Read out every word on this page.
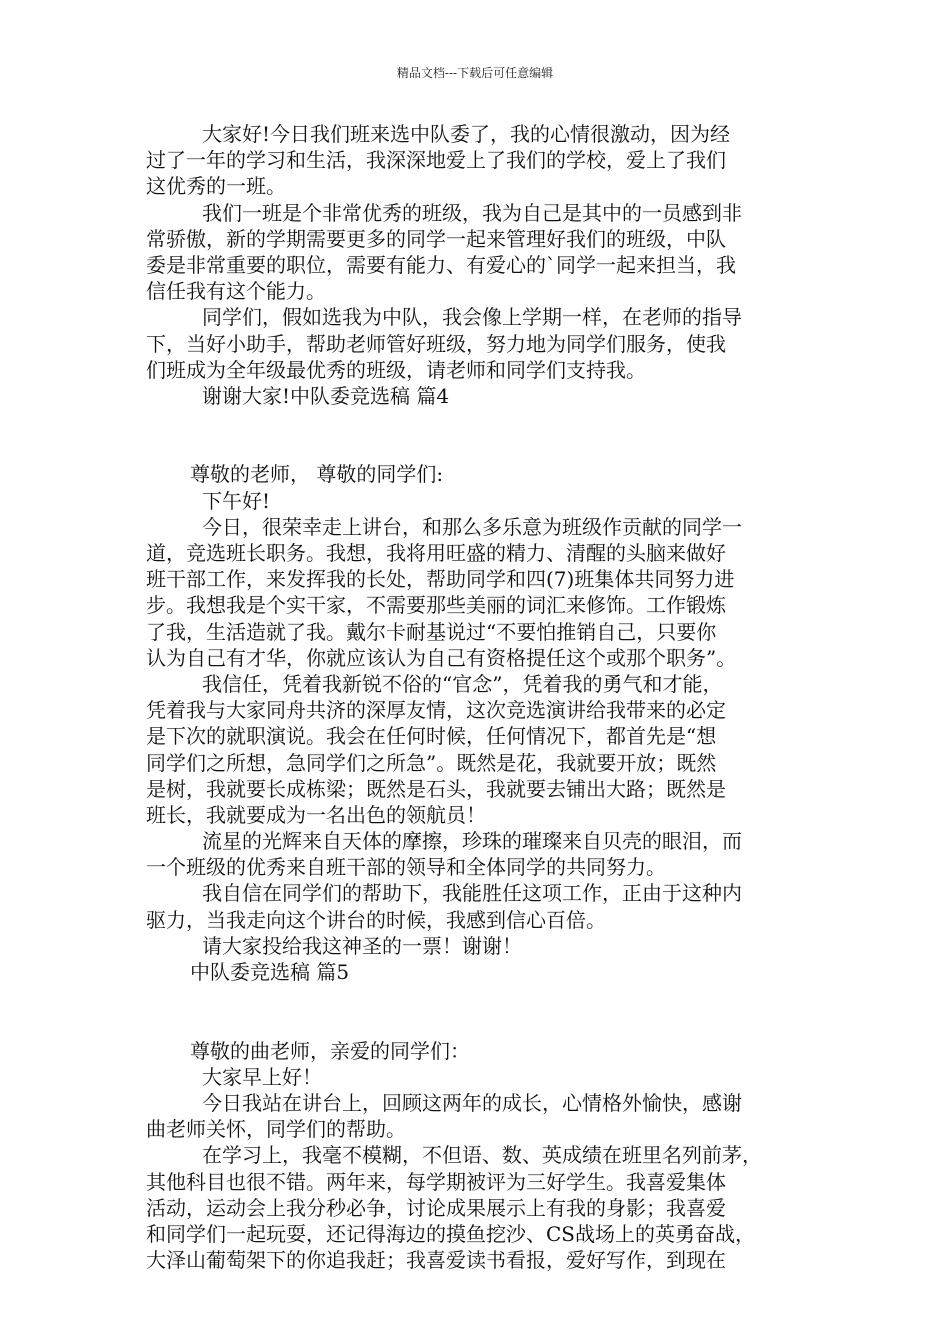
精品文档---下载后可任意编辑
大家好!今日我们班来选中队委了，我的心情很激动，因为经
过了一年的学习和生活，我深深地爱上了我们的学校，爱上了我们
这优秀的一班。
我们一班是个非常优秀的班级，我为自己是其中的一员感到非
常骄傲，新的学期需要更多的同学一起来管理好我们的班级，中队
委是非常重要的职位，需要有能力、有爱心的`同学一起来担当，我
信任我有这个能力。
同学们，假如选我为中队，我会像上学期一样，在老师的指导
下，当好小助手，帮助老师管好班级，努力地为同学们服务，使我
们班成为全年级最优秀的班级，请老师和同学们支持我。
谢谢大家!中队委竞选稿 篇4
尊敬的老师， 尊敬的同学们:
下午好!
今日，很荣幸走上讲台，和那么多乐意为班级作贡献的同学一
道，竞选班长职务。我想，我将用旺盛的精力、清醒的头脑来做好
班干部工作，来发挥我的长处，帮助同学和四(7)班集体共同努力进
步。我想我是个实干家，不需要那些美丽的词汇来修饰。工作锻炼
了我，生活造就了我。戴尔卡耐基说过“不要怕推销自己，只要你
认为自己有才华，你就应该认为自己有资格提任这个或那个职务”。
我信任，凭着我新锐不俗的“官念”，凭着我的勇气和才能，
凭着我与大家同舟共济的深厚友情，这次竞选演讲给我带来的必定
是下次的就职演说。我会在任何时候，任何情况下，都首先是“想
同学们之所想，急同学们之所急”。既然是花，我就要开放；既然
是树，我就要长成栋梁；既然是石头，我就要去铺出大路；既然是
班长，我就要成为一名出色的领航员！
流星的光辉来自天体的摩擦，珍珠的璀璨来自贝壳的眼泪，而
一个班级的优秀来自班干部的领导和全体同学的共同努力。
我自信在同学们的帮助下，我能胜任这项工作，正由于这种内
驱力，当我走向这个讲台的时候，我感到信心百倍。
请大家投给我这神圣的一票！谢谢！
中队委竞选稿 篇5
尊敬的曲老师，亲爱的同学们：
大家早上好！
今日我站在讲台上，回顾这两年的成长，心情格外愉快，感谢
曲老师关怀，同学们的帮助。
在学习上，我毫不模糊，不但语、数、英成绩在班里名列前茅，
其他科目也很不错。两年来，每学期被评为三好学生。我喜爱集体
活动，运动会上我分秒必争，讨论成果展示上有我的身影；我喜爱
和同学们一起玩耍，还记得海边的摸鱼挖沙、CS战场上的英勇奋战，
大泽山葡萄架下的你追我赶；我喜爱读书看报，爱好写作，到现在
